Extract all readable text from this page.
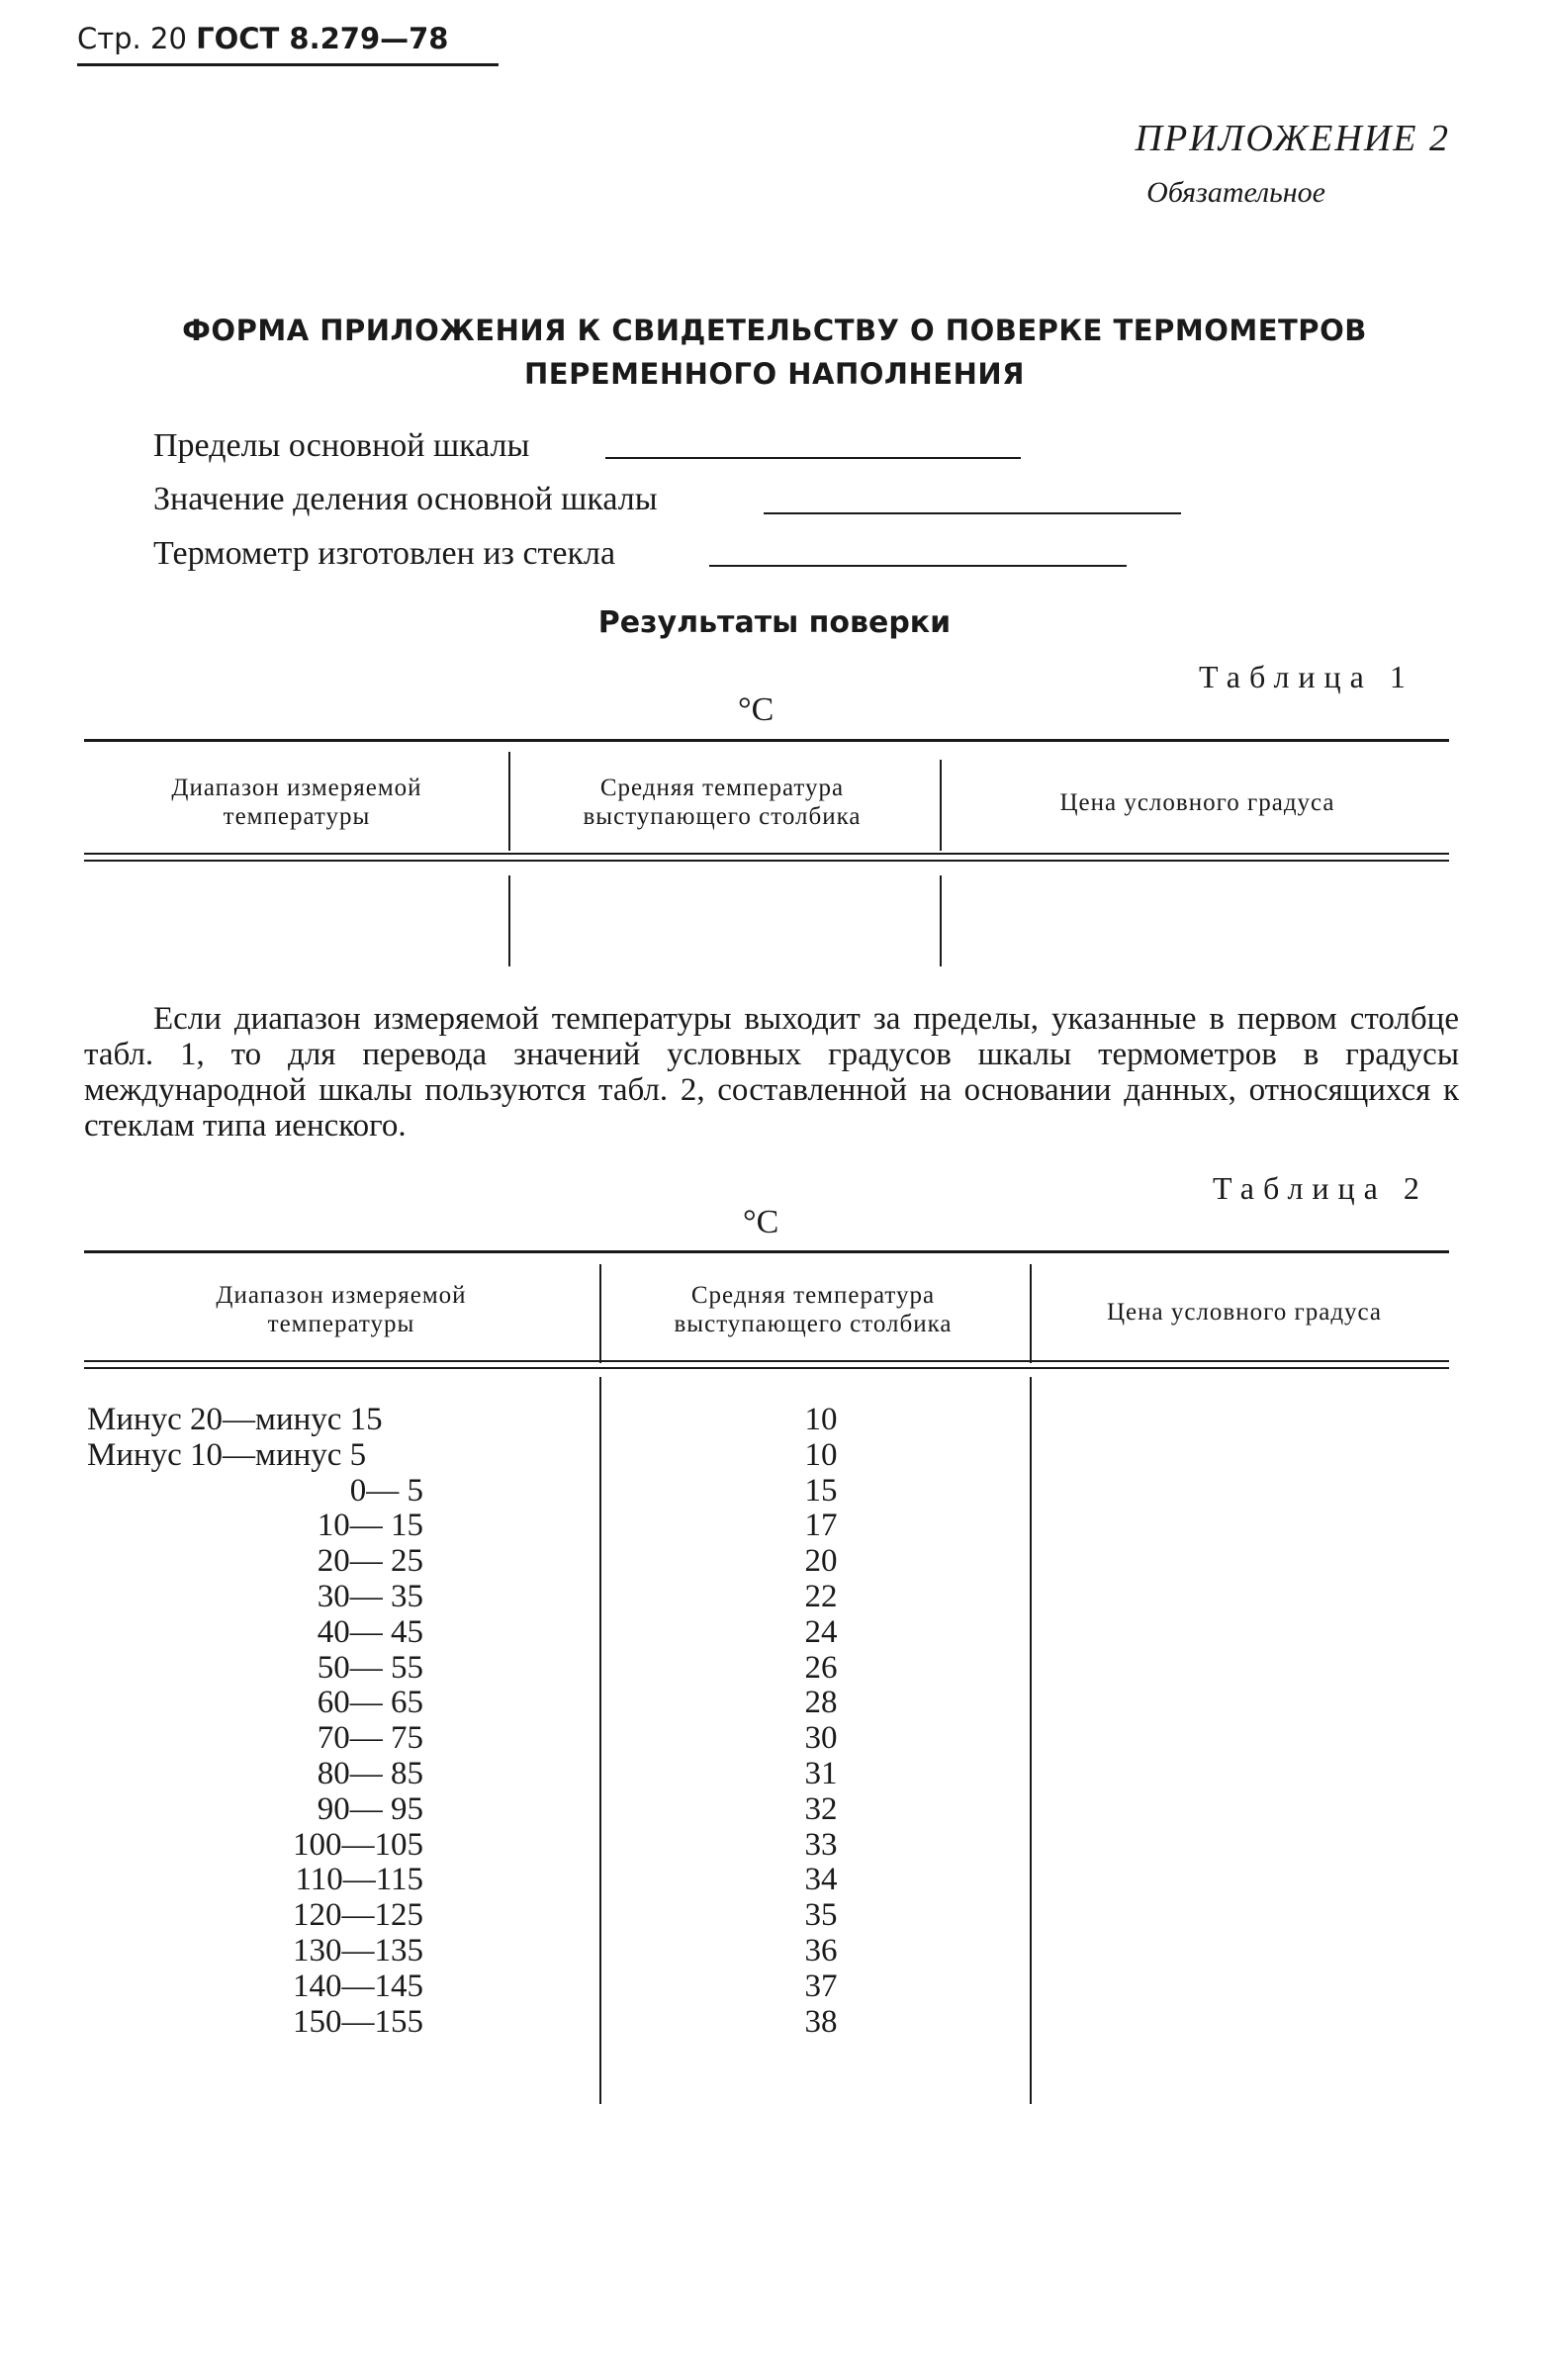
Стр. 20 ГОСТ 8.279—78
ПРИЛОЖЕНИЕ 2
Обязательное
ФОРМА ПРИЛОЖЕНИЯ К СВИДЕТЕЛЬСТВУ О ПОВЕРКЕ ТЕРМОМЕТРОВ
ПЕРЕМЕННОГО НАПОЛНЕНИЯ
Пределы основной шкалы
Значение деления основной шкалы
Термометр изготовлен из стекла
Результаты поверки
Таблица 1
°C
Диапазон измеряемой
температуры
Средняя температура
выступающего столбика
Цена условного градуса
Если диапазон измеряемой температуры выходит за пределы, указанные в первом столбце табл. 1, то для перевода значений условных градусов шкалы термометров в градусы международной шкалы пользуются табл. 2, составленной на основании данных, относящихся к стеклам типа иенского.
Таблица 2
°C
Диапазон измеряемой
температуры
Средняя температура
выступающего столбика	Цена условного градуса
Минус 20—минус 15
Минус 10—минус 5
0— 5
10— 15
20— 25
30— 35
40— 45
50— 55
60— 65
70— 75
80— 85
90— 95
100—105
110—115
120—125
130—135
140—145
150—155
10
10
15
17
20
22
24
26
28
30
31
32
33
34
35
36
37
38
